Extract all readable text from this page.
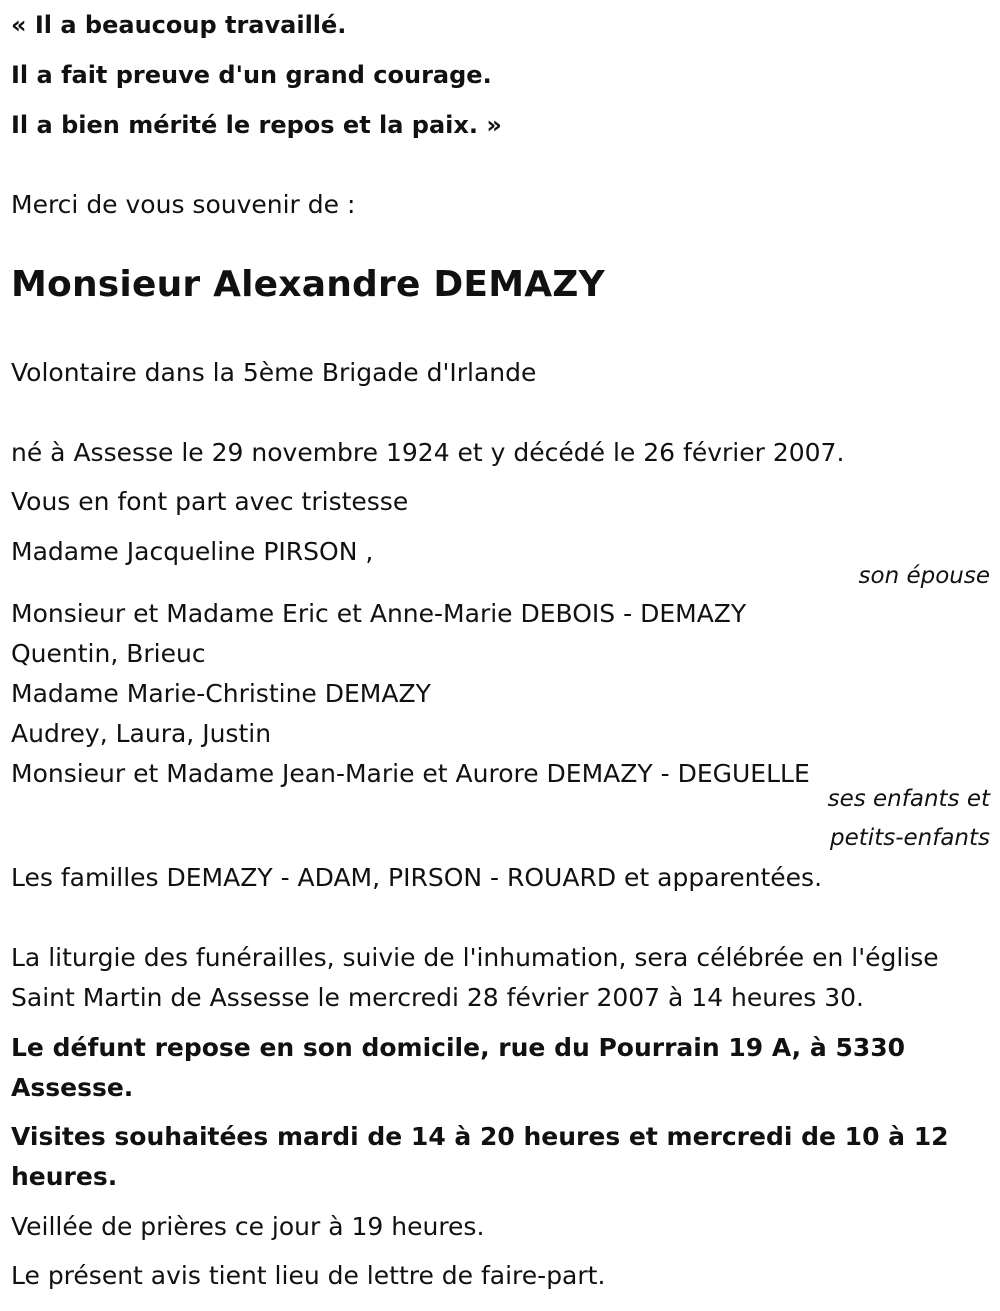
« Il a beaucoup travaillé.

Il a fait preuve d'un grand courage.

Il a bien mérité le repos et la paix. »

Merci de vous souvenir de :

Monsieur Alexandre DEMAZY

Volontaire dans la 5ème Brigade d'Irlande

né à Assesse le 29 novembre 1924 et y décédé le 26 février 2007.

Vous en font part avec tristesse

Madame Jacqueline PIRSON ,

son épouse

Monsieur et Madame Eric et Anne-Marie DEBOIS - DEMAZY

Quentin, Brieuc

Madame Marie-Christine DEMAZY

Audrey, Laura, Justin

Monsieur et Madame Jean-Marie et Aurore DEMAZY - DEGUELLE

ses enfants et

petits-enfants

Les familles DEMAZY - ADAM, PIRSON - ROUARD et apparentées.

La liturgie des funérailles, suivie de l'inhumation, sera célébrée en l'église Saint Martin de Assesse le mercredi 28 février 2007 à 14 heures 30.

Le défunt repose en son domicile, rue du Pourrain 19 A, à 5330 Assesse.

Visites souhaitées mardi de 14 à 20 heures et mercredi de 10 à 12 heures.

Veillée de prières ce jour à 19 heures.

Le présent avis tient lieu de lettre de faire-part.
